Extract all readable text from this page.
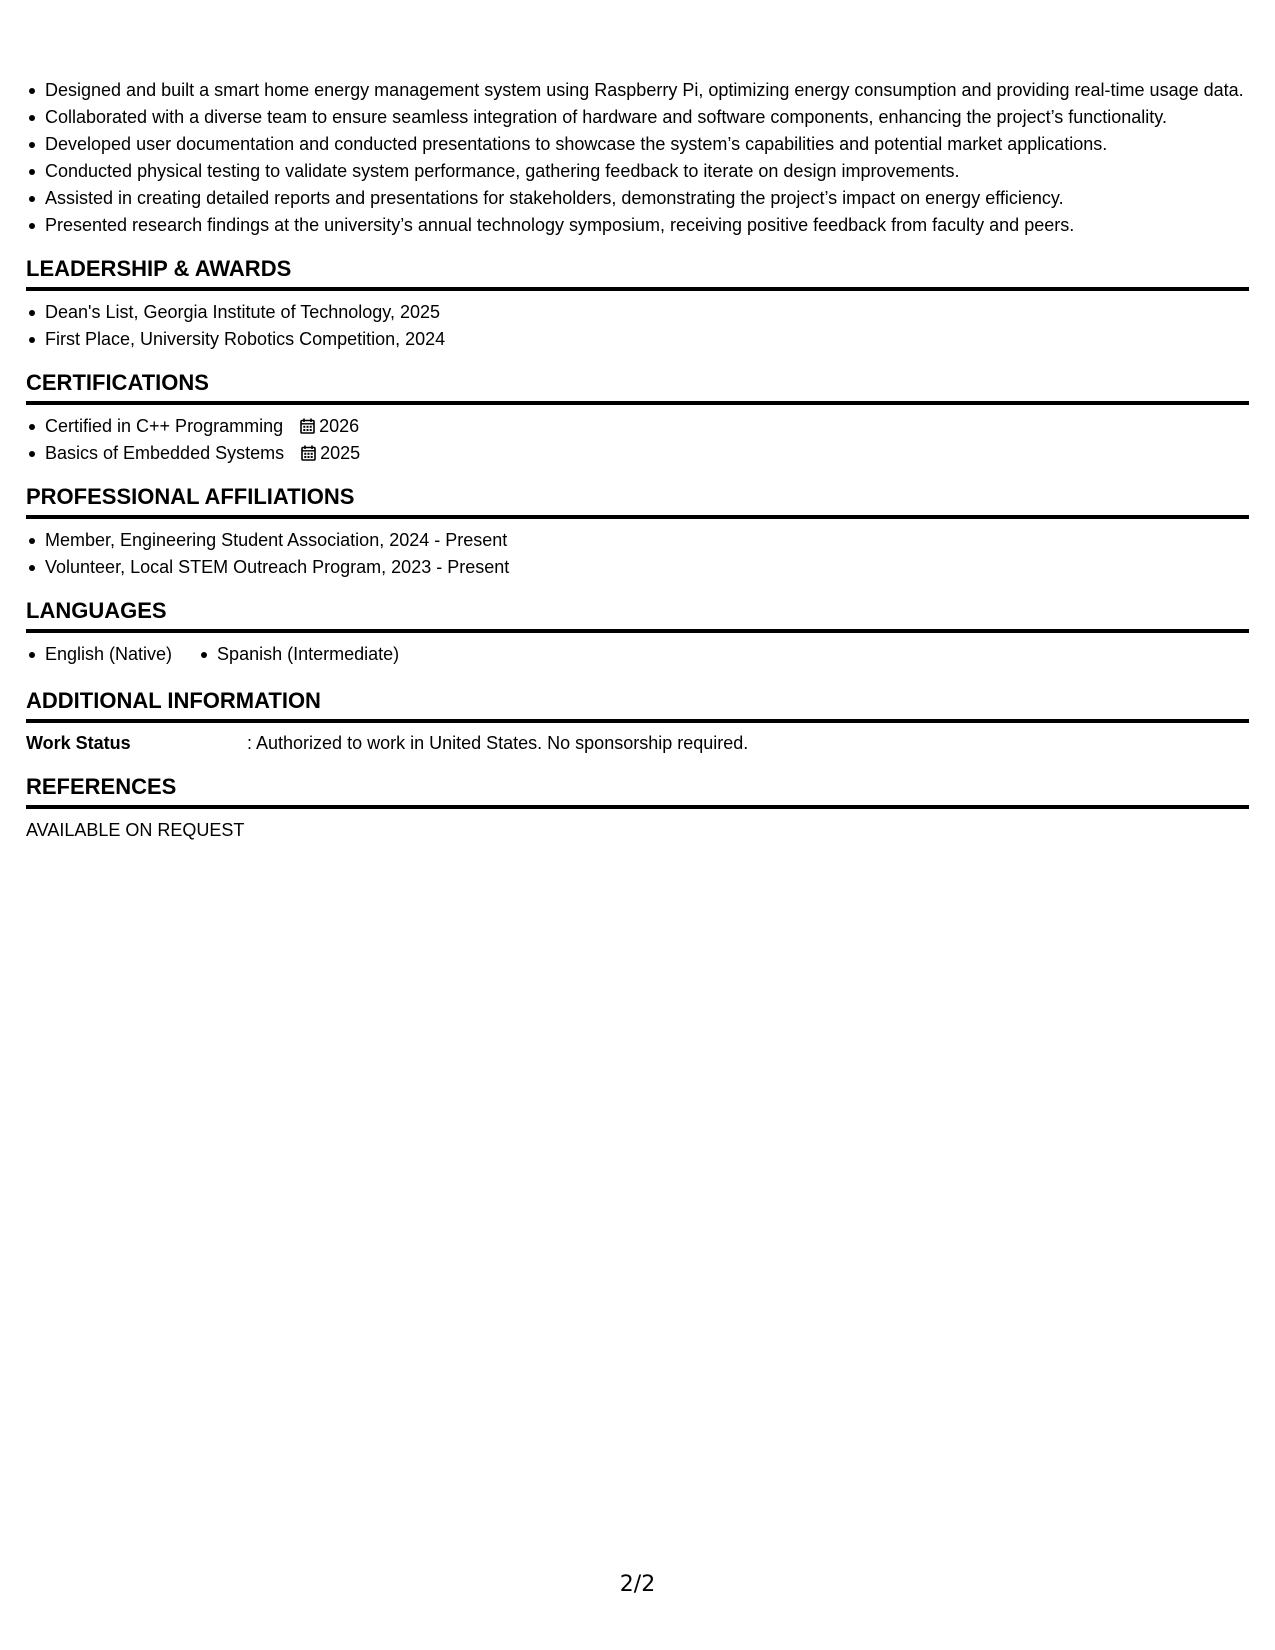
Designed and built a smart home energy management system using Raspberry Pi, optimizing energy consumption and providing real-time usage data.
Collaborated with a diverse team to ensure seamless integration of hardware and software components, enhancing the project’s functionality.
Developed user documentation and conducted presentations to showcase the system’s capabilities and potential market applications.
Conducted physical testing to validate system performance, gathering feedback to iterate on design improvements.
Assisted in creating detailed reports and presentations for stakeholders, demonstrating the project’s impact on energy efficiency.
Presented research findings at the university’s annual technology symposium, receiving positive feedback from faculty and peers.
LEADERSHIP & AWARDS
Dean's List, Georgia Institute of Technology, 2025
First Place, University Robotics Competition, 2024
CERTIFICATIONS
Certified in C++ Programming 2026
Basics of Embedded Systems 2025
PROFESSIONAL AFFILIATIONS
Member, Engineering Student Association, 2024 - Present
Volunteer, Local STEM Outreach Program, 2023 - Present
LANGUAGES
English (Native)	Spanish (Intermediate)
ADDITIONAL INFORMATION
Work Status	: Authorized to work in United States. No sponsorship required.
REFERENCES
AVAILABLE ON REQUEST
2/2
